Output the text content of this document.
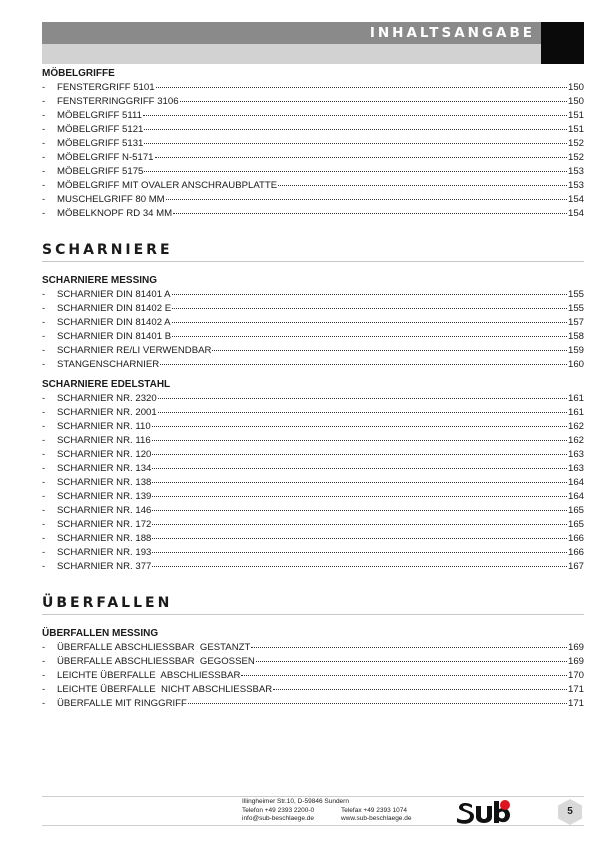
INHALTSANGABE
MÖBELGRIFFE
-	FENSTERGRIFF 5101	150
-	FENSTERRINGGRIFF 3106	150
-	MÖBELGRIFF 5111	151
-	MÖBELGRIFF 5121	151
-	MÖBELGRIFF 5131	152
-	MÖBELGRIFF N-5171	152
-	MÖBELGRIFF 5175	153
-	MÖBELGRIFF MIT OVALER ANSCHRAUBPLATTE	153
-	MUSCHELGRIFF 80 MM	154
-	MÖBELKNOPF RD 34 MM	154
SCHARNIERE
SCHARNIERE MESSING
-	SCHARNIER DIN 81401 A	155
-	SCHARNIER DIN 81402 E	155
-	SCHARNIER DIN 81402 A	157
-	SCHARNIER DIN 81401 B	158
-	SCHARNIER RE/LI VERWENDBAR	159
-	STANGENSCHARNIER	160
SCHARNIERE EDELSTAHL
-	SCHARNIER NR. 2320	161
-	SCHARNIER NR. 2001	161
-	SCHARNIER NR. 110	162
-	SCHARNIER NR. 116	162
-	SCHARNIER NR. 120	163
-	SCHARNIER NR. 134	163
-	SCHARNIER NR. 138	164
-	SCHARNIER NR. 139	164
-	SCHARNIER NR. 146	165
-	SCHARNIER NR. 172	165
-	SCHARNIER NR. 188	166
-	SCHARNIER NR. 193	166
-	SCHARNIER NR. 377	167
ÜBERFALLEN
ÜBERFALLEN MESSING
-	ÜBERFALLE ABSCHLIESSBAR  GESTANZT	169
-	ÜBERFALLE ABSCHLIESSBAR  GEGOSSEN	169
-	LEICHTE ÜBERFALLE  ABSCHLIESSBAR	170
-	LEICHTE ÜBERFALLE  NICHT ABSCHLIESSBAR	171
-	ÜBERFALLE MIT RINGGRIFF	171
Illingheimer Str.10, D-59846 Sundern
Telefon +49 2393 2200-0
info@sub-beschlaege.de
Telefax +49 2393 1074
www.sub-beschlaege.de
5
